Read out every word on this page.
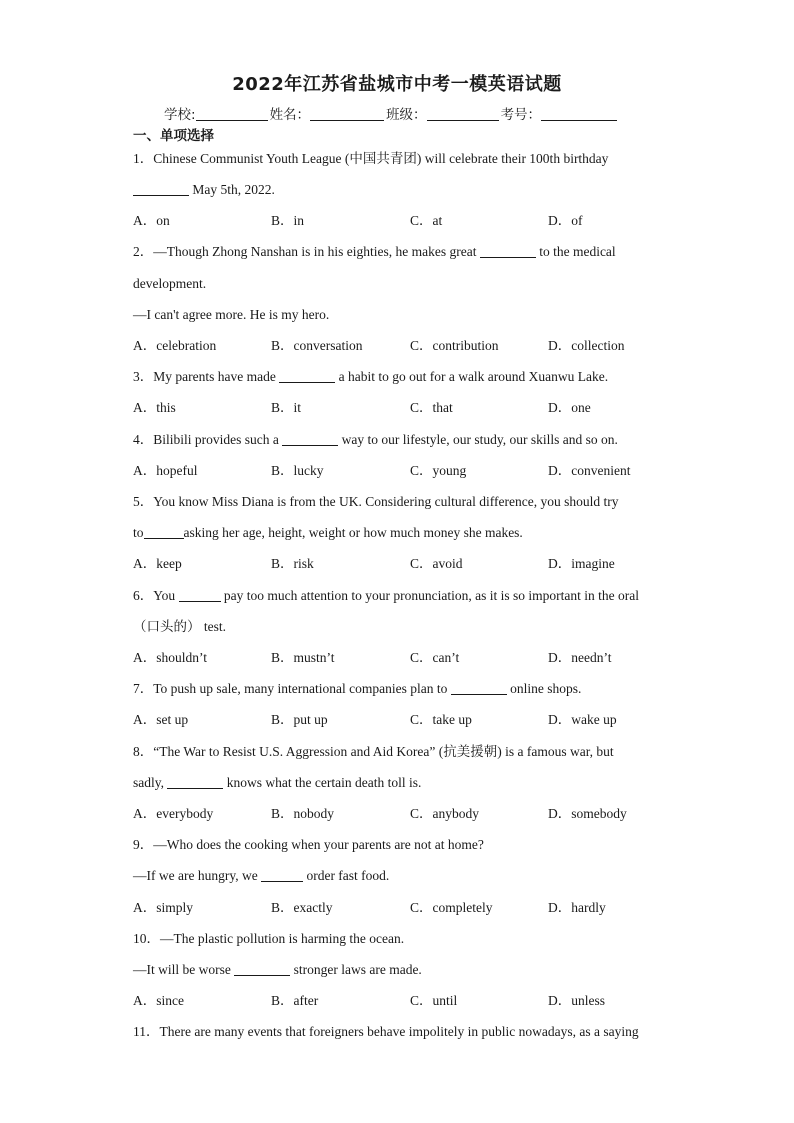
2022年江苏省盐城市中考一模英语试题
学校:	姓名：	班级：	考号：
一、单项选择
1．Chinese Communist Youth League (中国共青团) will celebrate their 100th birthday
May 5th, 2022.
A．on	B．in	C．at	D．of
2．—Though Zhong Nanshan is in his eighties, he makes great	to the medical
development.
—I can't agree more. He is my hero.
A．celebration	B．conversation	C．contribution	D．collection
3．My parents have made	a habit to go out for a walk around Xuanwu Lake.
A．this	B．it	C．that	D．one
4．Bilibili provides such a	way to our lifestyle, our study, our skills and so on.
A．hopeful	B．lucky	C．young	D．convenient
5．You know Miss Diana is from the UK. Considering cultural difference, you should try
to	asking her age, height, weight or how much money she makes.
A．keep	B．risk	C．avoid	D．imagine
6．You	pay too much attention to your pronunciation, as it is so important in the oral
（口头的） test.
A．shouldn’t	B．mustn’t	C．can’t	D．needn’t
7．To push up sale, many international companies plan to	online shops.
A．set up	B．put up	C．take up	D．wake up
8．“The War to Resist U.S. Aggression and Aid Korea” (抗美援朝) is a famous war, but
sadly,	knows what the certain death toll is.
A．everybody	B．nobody	C．anybody	D．somebody
9．—Who does the cooking when your parents are not at home?
—If we are hungry, we	order fast food.
A．simply	B．exactly	C．completely	D．hardly
10．—The plastic pollution is harming the ocean.
—It will be worse	stronger laws are made.
A．since	B．after	C．until	D．unless
11．There are many events that foreigners behave impolitely in public nowadays, as a saying
